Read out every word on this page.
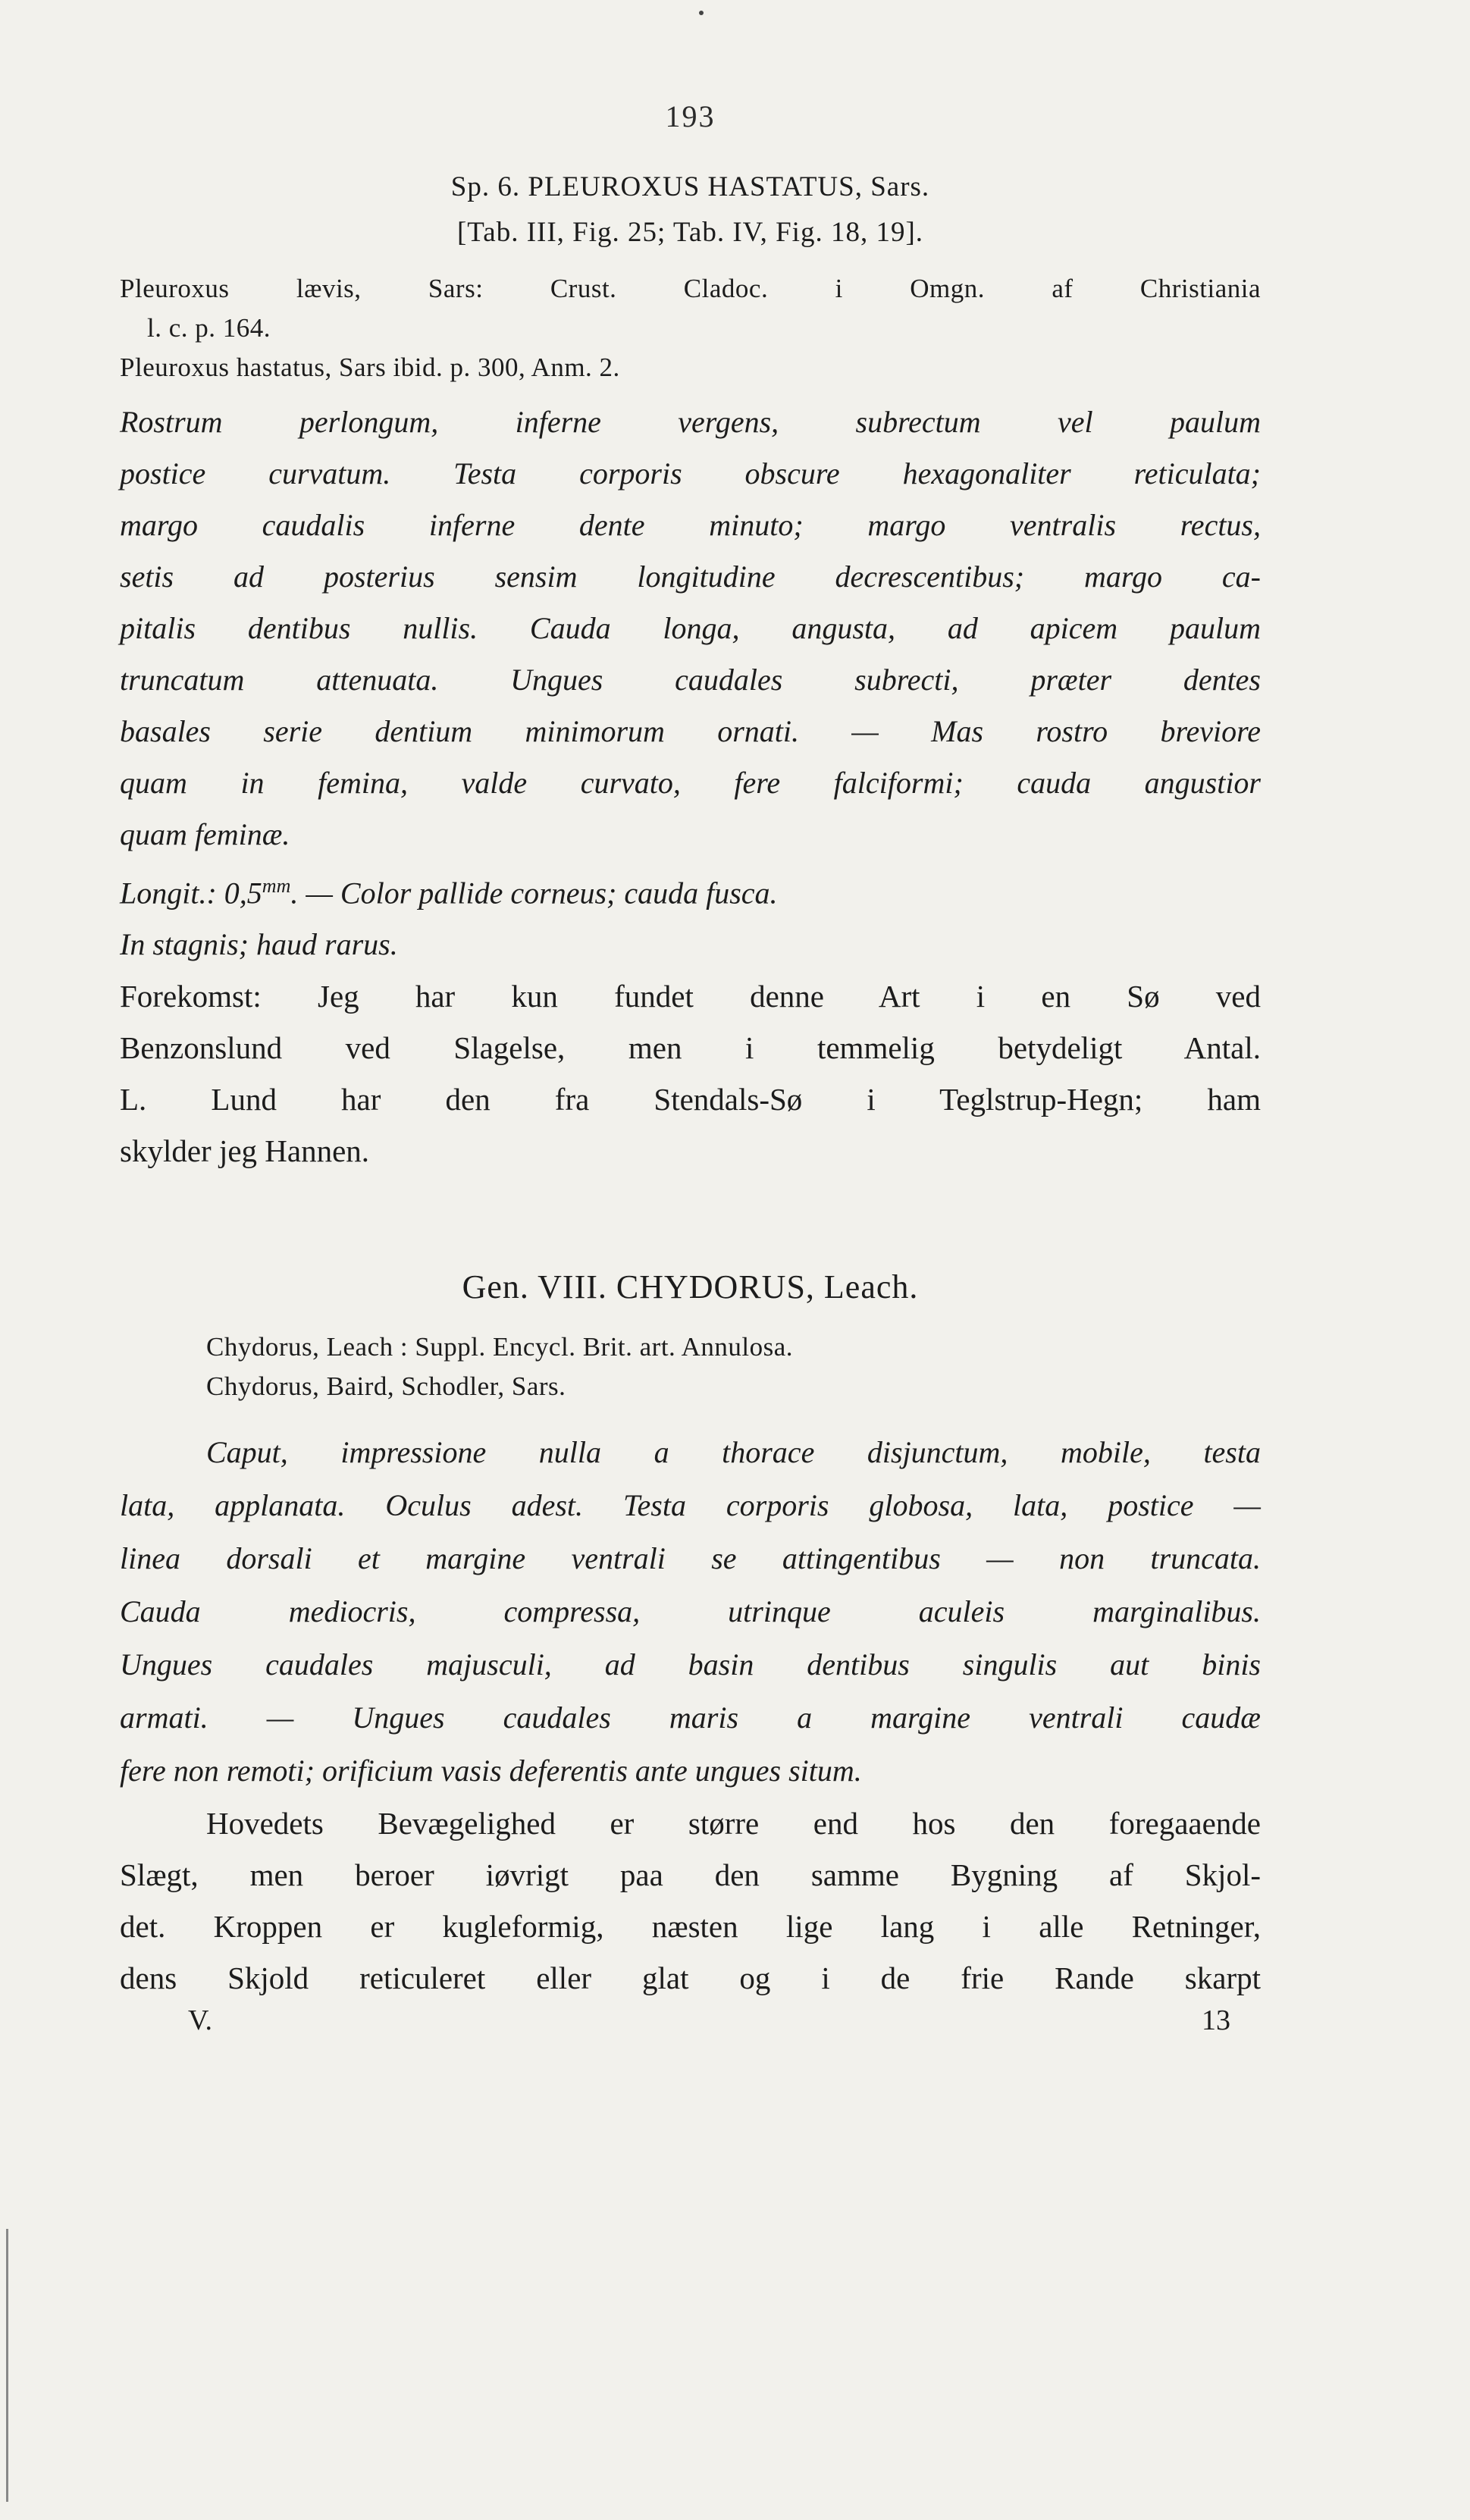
193
Sp. 6. PLEUROXUS HASTATUS, Sars.
[Tab. III, Fig. 25; Tab. IV, Fig. 18, 19].
Pleuroxus lævis, Sars: Crust. Cladoc. i Omgn. af Christiania
l. c. p. 164.
Pleuroxus hastatus, Sars ibid. p. 300, Anm. 2.
Rostrum perlongum, inferne vergens, subrectum vel paulum
postice curvatum. Testa corporis obscure hexagonaliter reticulata;
margo caudalis inferne dente minuto; margo ventralis rectus,
setis ad posterius sensim longitudine decrescentibus; margo ca-
pitalis dentibus nullis. Cauda longa, angusta, ad apicem paulum
truncatum attenuata. Ungues caudales subrecti, præter dentes
basales serie dentium minimorum ornati. — Mas rostro breviore
quam in femina, valde curvato, fere falciformi; cauda angustior
quam feminæ.
Longit.: $0,5^{mm}$. — Color pallide corneus; cauda fusca.
In stagnis; haud rarus.
Forekomst: Jeg har kun fundet denne Art i en Sø ved
Benzonslund ved Slagelse, men i temmelig betydeligt Antal.
L. Lund har den fra Stendals-Sø i Teglstrup-Hegn; ham
skylder jeg Hannen.
Gen. VIII. CHYDORUS, Leach.
Chydorus, Leach : Suppl. Encycl. Brit. art. Annulosa.
Chydorus, Baird, Schodler, Sars.
Caput, impressione nulla a thorace disjunctum, mobile, testa
lata, applanata. Oculus adest. Testa corporis globosa, lata, postice —
linea dorsali et margine ventrali se attingentibus — non truncata.
Cauda mediocris, compressa, utrinque aculeis marginalibus.
Ungues caudales majusculi, ad basin dentibus singulis aut binis
armati. — Ungues caudales maris a margine ventrali caudæ
fere non remoti; orificium vasis deferentis ante ungues situm.
Hovedets Bevægelighed er større end hos den foregaaende
Slægt, men beroer iøvrigt paa den samme Bygning af Skjol-
det. Kroppen er kugleformig, næsten lige lang i alle Retninger,
dens Skjold reticuleret eller glat og i de frie Rande skarpt
V.	13
